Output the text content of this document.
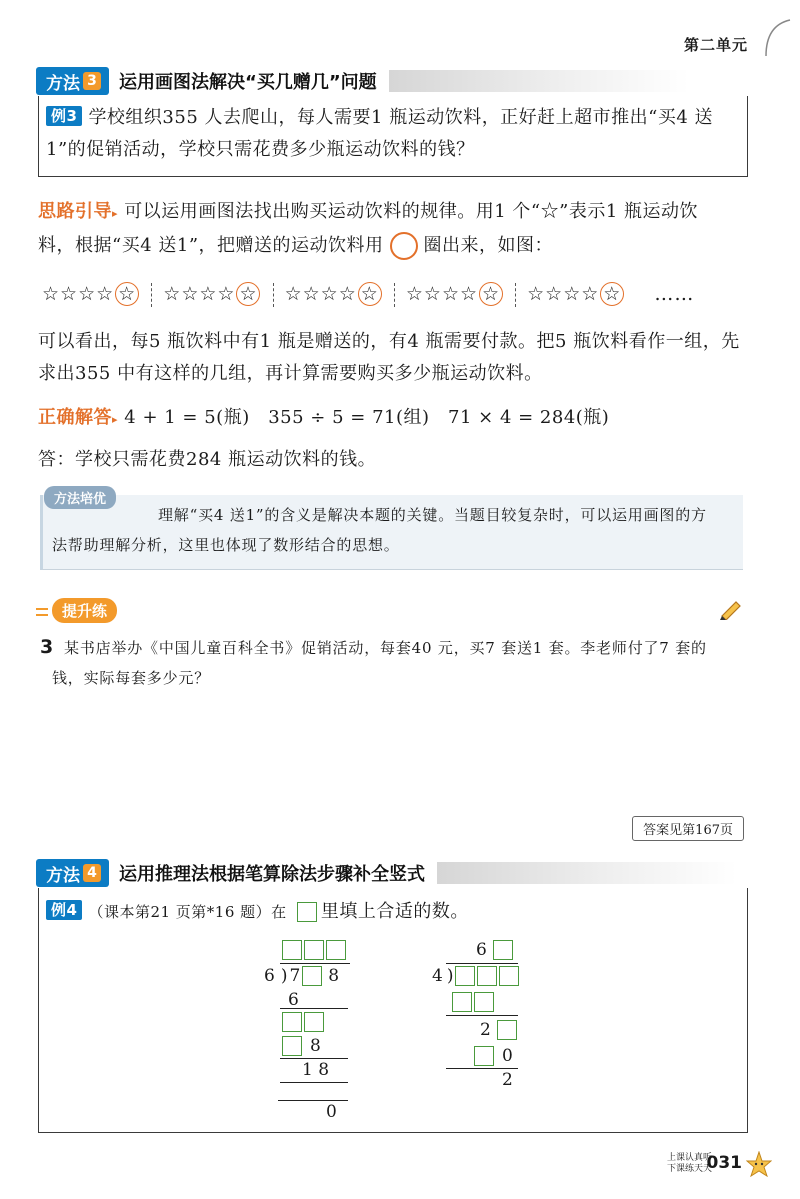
第二单元
方法 3 运用画图法解决“买几赠几”问题
例3 学校组织355 人去爬山，每人需要1 瓶运动饮料，正好赶上超市推出“买4 送
1”的促销活动，学校只需花费多少瓶运动饮料的钱？
思路引导▸ 可以运用画图法找出购买运动饮料的规律。用1 个“☆”表示1 瓶运动饮
料，根据“买4 送1”，把赠送的运动饮料用 圈出来，如图：
☆☆☆☆ ☆ ☆☆☆☆ ☆ ☆☆☆☆ ☆ ☆☆☆☆ ☆ ☆☆☆☆ ☆ ……
可以看出，每5 瓶饮料中有1 瓶是赠送的，有4 瓶需要付款。把5 瓶饮料看作一组，先
求出355 中有这样的几组，再计算需要购买多少瓶运动饮料。
正确解答▸ 4 + 1 = 5(瓶)　355 ÷ 5 = 71(组)　71 × 4 = 284(瓶)
答：学校只需花费284 瓶运动饮料的钱。
方法培优
理解“买4 送1”的含义是解决本题的关键。当题目较复杂时，可以运用画图的方
法帮助理解分析，这里也体现了数形结合的思想。
提升练
3 某书店举办《中国儿童百科全书》促销活动，每套40 元，买7 套送1 套。李老师付了7 套的
钱，实际每套多少元？
答案见第167页
方法 4 运用推理法根据笔算除法步骤补全竖式
例4 （课本第21 页第*16 题）在 里填上合适的数。
6 ) 7 8
6
8
1 8
0
6
4 )
2
0
2
上课认真听
下课练天天
031
